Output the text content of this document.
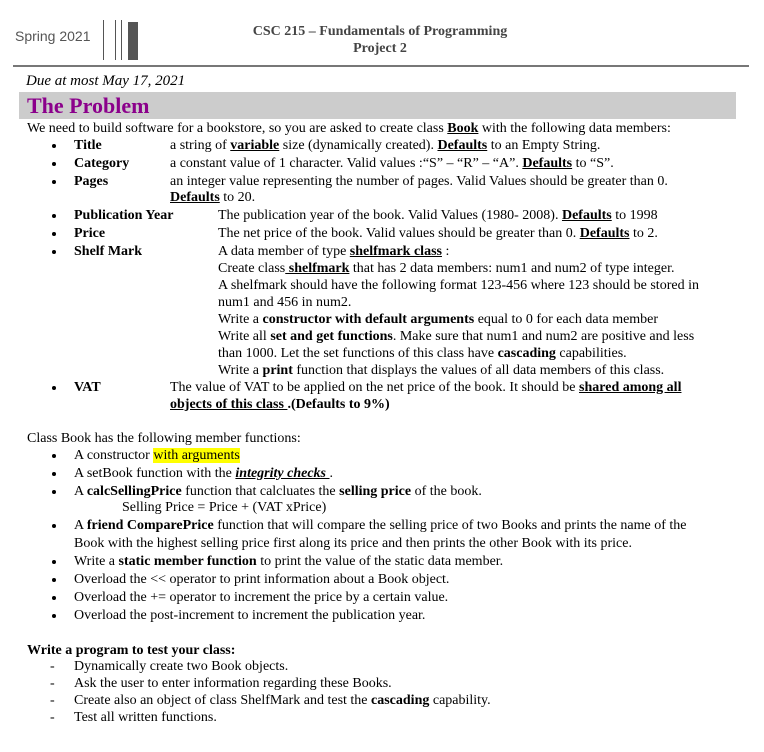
Spring 2021	CSC 215 – Fundamentals of Programming
Project 2
Due at most May 17, 2021
The Problem
We need to build software for a bookstore, so you are asked to create class Book with the following data members:
Title	a string of variable size (dynamically created). Defaults to an Empty String.
Category	a constant value of 1 character. Valid values :“S” – “R” – “A”. Defaults to “S”.
Pages	an integer value representing the number of pages. Valid Values should be greater than 0.
Defaults to 20.
Publication Year	The publication year of the book. Valid Values (1980- 2008). Defaults to 1998
Price	The net price of the book. Valid values should be greater than 0. Defaults to 2.
Shelf Mark	A data member of type shelfmark class :
Create class shelfmark that has 2 data members: num1 and num2 of type integer.
A shelfmark should have the following format 123-456 where 123 should be stored in
num1 and 456 in num2.
Write a constructor with default arguments equal to 0 for each data member
Write all set and get functions. Make sure that num1 and num2 are positive and less
than 1000. Let the set functions of this class have cascading capabilities.
Write a print function that displays the values of all data members of this class.
VAT	The value of VAT to be applied on the net price of the book. It should be shared among all
objects of this class .(Defaults to 9%)
Class Book has the following member functions:
A constructor with arguments
A setBook function with the integrity checks .
A calcSellingPrice function that calcluates the selling price of the book.
Selling Price = Price + (VAT xPrice)
A friend ComparePrice function that will compare the selling price of two Books and prints the name of the
Book with the highest selling price first along its price and then prints the other Book with its price.
Write a static member function to print the value of the static data member.
Overload the << operator to print information about a Book object.
Overload the += operator to increment the price by a certain value.
Overload the post-increment to increment the publication year.
Write a program to test your class:
- Dynamically create two Book objects.
- Ask the user to enter information regarding these Books.
- Create also an object of class ShelfMark and test the cascading capability.
- Test all written functions.
